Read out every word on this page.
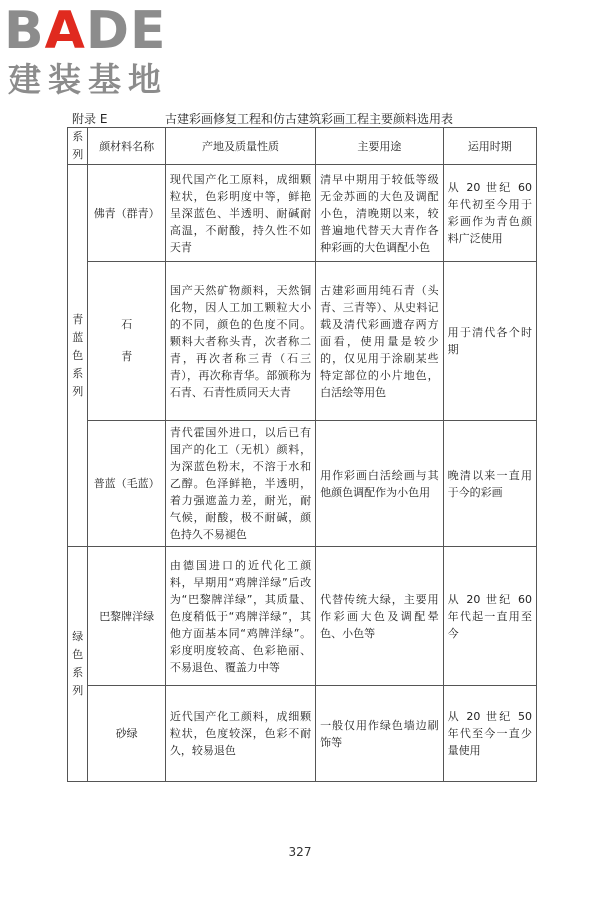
BADE
建装基地
附录 E	古建彩画修复工程和仿古建筑彩画工程主要颜料选用表
系列	颜材料名称	产地及质量性质	主要用途	运用时期

青蓝色系列	佛青（群青）	现代国产化工原料，成细颗粒状，色彩明度中等，鲜艳呈深蓝色、半透明、耐碱耐高温，不耐酸，持久性不如天青	清早中期用于较低等级无金苏画的大色及调配小色，清晚期以来，较普遍地代替天大青作各种彩画的大色调配小色	从 20 世纪 60 年代初至今用于彩画作为青色颜料广泛使用

	石青	国产天然矿物颜料，天然铜化物，因人工加工颗粒大小的不同，颜色的色度不同。颗料大者称头青，次者称二青，再次者称三青（石三青），再次称青华。部颁称为石青、石青性质同天大青	古建彩画用纯石青（头青、三青等）、从史料记载及清代彩画遗存两方面看，使用量是较少的，仅见用于涂刷某些特定部位的小片地色，白活绘等用色	用于清代各个时期
	普蓝（毛蓝）	青代霍国外进口，以后已有国产的化工（无机）颜料，为深蓝色粉末，不溶于水和乙醇。色泽鲜艳，半透明，着力强遮盖力差，耐光，耐气候，耐酸，极不耐碱，颜色持久不易褪色	用作彩画白活绘画与其他颜色调配作为小色用	晚清以来一直用于今的彩画

绿色系列	巴黎牌洋绿	由德国进口的近代化工颜料，早期用“鸡牌洋绿”后改为“巴黎牌洋绿”，其质量、色度稍低于“鸡牌洋绿”，其他方面基本同“鸡牌洋绿”。彩度明度较高、色彩艳丽、不易退色、覆盖力中等	代替传统大绿，主要用作彩画大色及调配晕色、小色等	从 20 世纪 60 年代起一直用至今
	砂绿	近代国产化工颜料，成细颗粒状，色度较深，色彩不耐久，较易退色	一般仅用作绿色墙边刷饰等	从 20 世纪 50 年代至今一直少量使用
327
